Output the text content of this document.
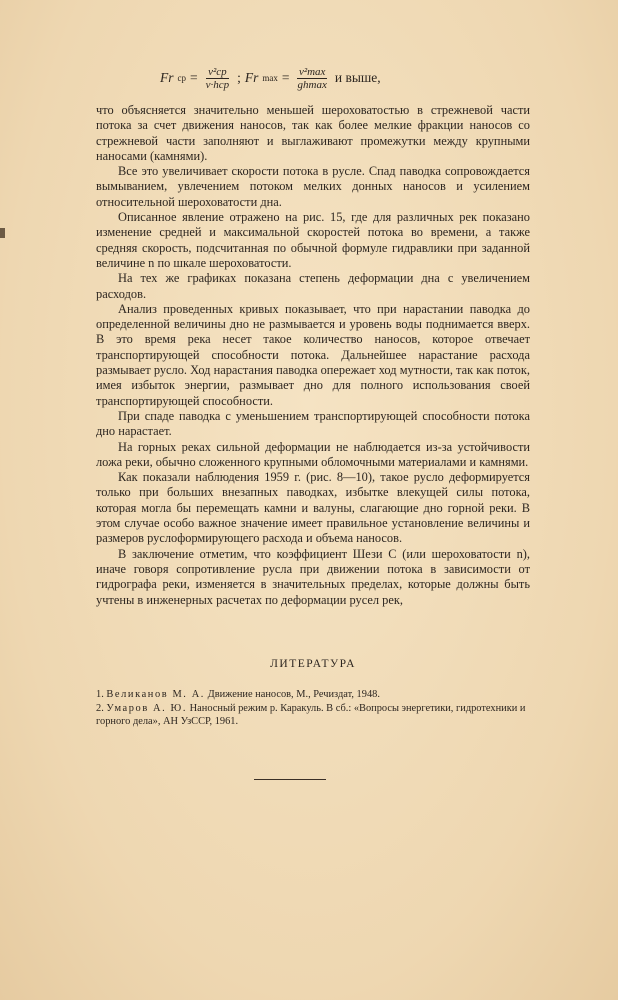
Fr ср = $\frac{\text{v²cp}}{\text{v·hcp}}$ ; Fr $\max = \frac{\text{v²max}}{ghmax}$ и выше,

что объясняется значительно меньшей шероховатостью в стрежневой части потока за счет движения наносов, так как более мелкие фракции наносов со стрежневой части заполняют и выглаживают промежутки между крупными наносами (камнями).

Все это увеличивает скорости потока в русле. Спад паводка сопровождается вымыванием, увлечением потоком мелких донных наносов и усилением относительной шероховатости дна.

Описанное явление отражено на рис. 15, где для различных рек показано изменение средней и максимальной скоростей потока во времени, а также средняя скорость, подсчитанная по обычной формуле гидравлики при заданной величине n по шкале шероховатости.

На тех же графиках показана степень деформации дна с увеличением расходов.

Анализ проведенных кривых показывает, что при нарастании паводка до определенной величины дно не размывается и уровень воды поднимается вверх. В это время река несет такое количество наносов, которое отвечает транспортирующей способности потока. Дальнейшее нарастание расхода размывает русло. Ход нарастания паводка опережает ход мутности, так как поток, имея избыток энергии, размывает дно для полного использования своей транспортирующей способности.

При спаде паводка с уменьшением транспортирующей способности потока дно нарастает.

На горных реках сильной деформации не наблюдается из-за устойчивости ложа реки, обычно сложенного крупными обломочными материалами и камнями.

Как показали наблюдения 1959 г. (рис. 8—10), такое русло деформируется только при больших внезапных паводках, избытке влекущей силы потока, которая могла бы перемещать камни и валуны, слагающие дно горной реки. В этом случае особо важное значение имеет правильное установление величины и размеров руслоформирующего расхода и объема наносов.

В заключение отметим, что коэффициент Шези С (или шероховатости n), иначе говоря сопротивление русла при движении потока в зависимости от гидрографа реки, изменяется в значительных пределах, которые должны быть учтены в инженерных расчетах по деформации русел рек,

ЛИТЕРАТУРА
1. Великанов М. А. Движение наносов, М., Речиздат, 1948.
2. Умаров А. Ю. Наносный режим р. Каракуль. В сб.: «Вопросы энергетики, гидротехники и горного дела», АН УзССР, 1961.
